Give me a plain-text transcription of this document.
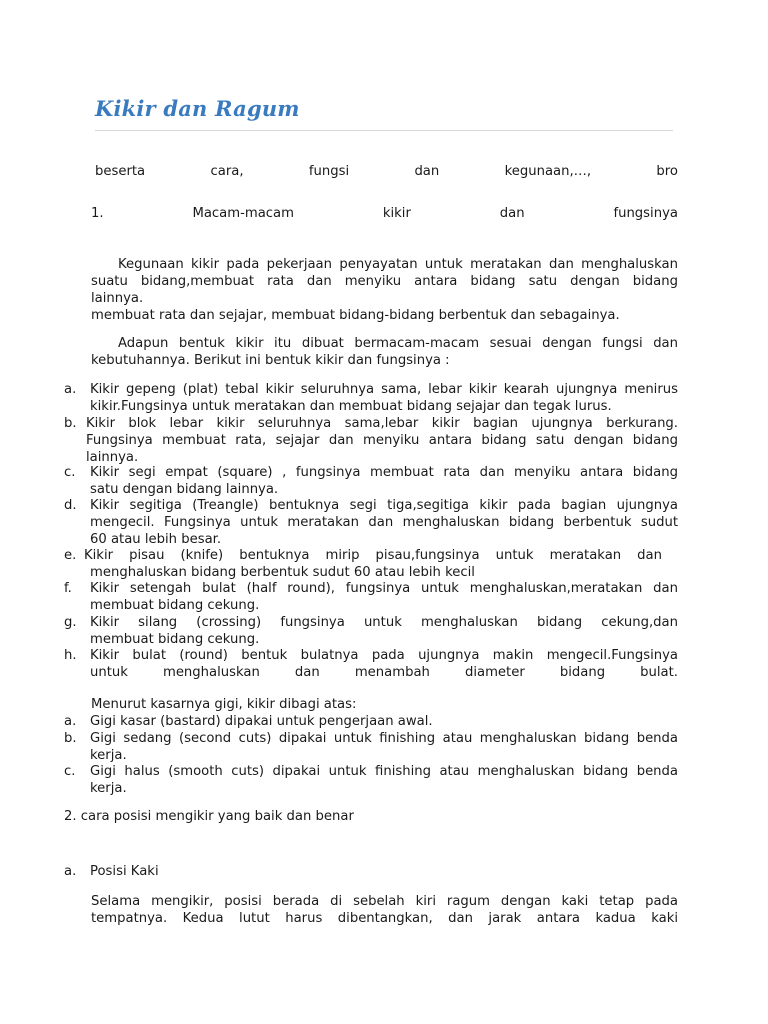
Kikir dan Ragum
beserta	cara,	fungsi	dan	kegunaan,…,	bro
1.	Macam-macam	kikir	dan	fungsinya
Kegunaan kikir pada pekerjaan penyayatan untuk meratakan dan menghaluskan
suatu bidang,membuat rata dan menyiku antara bidang satu dengan bidang
lainnya.
membuat rata dan sejajar, membuat bidang-bidang berbentuk dan sebagainya.
Adapun bentuk kikir itu dibuat bermacam-macam sesuai dengan fungsi dan
kebutuhannya. Berikut ini bentuk kikir dan fungsinya :
a. Kikir gepeng (plat) tebal kikir seluruhnya sama, lebar kikir kearah ujungnya menirus
kikir.Fungsinya untuk meratakan dan membuat bidang sejajar dan tegak lurus.
b. Kikir blok lebar kikir seluruhnya sama,lebar kikir bagian ujungnya berkurang.
Fungsinya membuat rata, sejajar dan menyiku antara bidang satu dengan bidang
lainnya.
c. Kikir segi empat (square) , fungsinya membuat rata dan menyiku antara bidang
satu dengan bidang lainnya.
d. Kikir segitiga (Treangle) bentuknya segi tiga,segitiga kikir pada bagian ujungnya
mengecil. Fungsinya untuk meratakan dan menghaluskan bidang berbentuk sudut
60 atau lebih besar.
e. Kikir pisau (knife) bentuknya mirip pisau,fungsinya untuk meratakan dan
menghaluskan bidang berbentuk sudut 60 atau lebih kecil
f. Kikir setengah bulat (half round), fungsinya untuk menghaluskan,meratakan dan
membuat bidang cekung.
g. Kikir silang (crossing) fungsinya untuk menghaluskan bidang cekung,dan
membuat bidang cekung.
h. Kikir bulat (round) bentuk bulatnya pada ujungnya makin mengecil.Fungsinya
untuk menghaluskan dan menambah diameter bidang bulat.
Menurut kasarnya gigi, kikir dibagi atas:
a. Gigi kasar (bastard) dipakai untuk pengerjaan awal.
b. Gigi sedang (second cuts) dipakai untuk finishing atau menghaluskan bidang benda
kerja.
c. Gigi halus (smooth cuts) dipakai untuk finishing atau menghaluskan bidang benda
kerja.
2. cara posisi mengikir yang baik dan benar
a. Posisi Kaki
Selama mengikir, posisi berada di sebelah kiri ragum dengan kaki tetap pada
tempatnya. Kedua lutut harus dibentangkan, dan jarak antara kadua kaki
